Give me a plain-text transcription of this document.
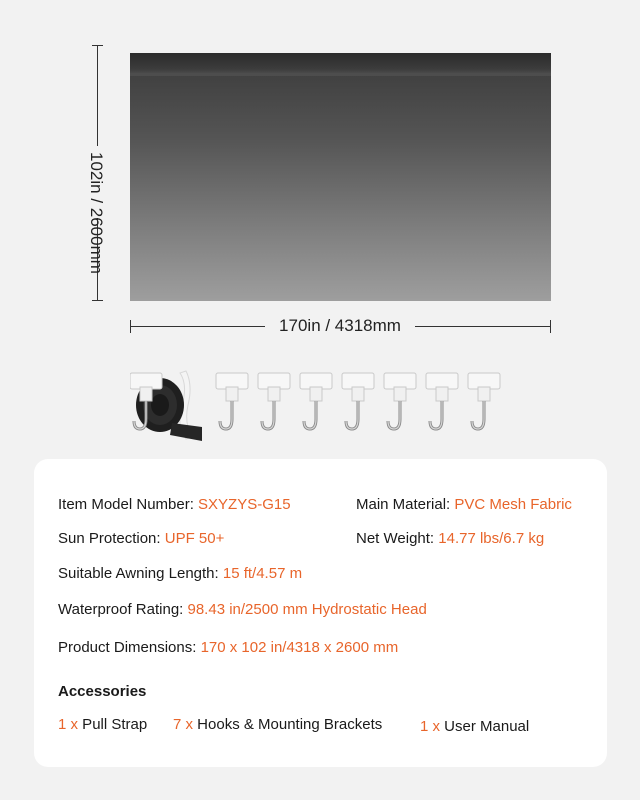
102in / 2600mm
170in / 4318mm
Item Model Number: SXYZYS-G15	Main Material: PVC Mesh Fabric
Sun Protection: UPF 50+	Net Weight: 14.77 lbs/6.7 kg
Suitable Awning Length: 15 ft/4.57 m
Waterproof Rating: 98.43 in/2500 mm Hydrostatic Head
Product Dimensions: 170 x 102 in/4318 x 2600 mm
Accessories
1 x Pull Strap 7 x Hooks & Mounting Brackets	1 x User Manual
